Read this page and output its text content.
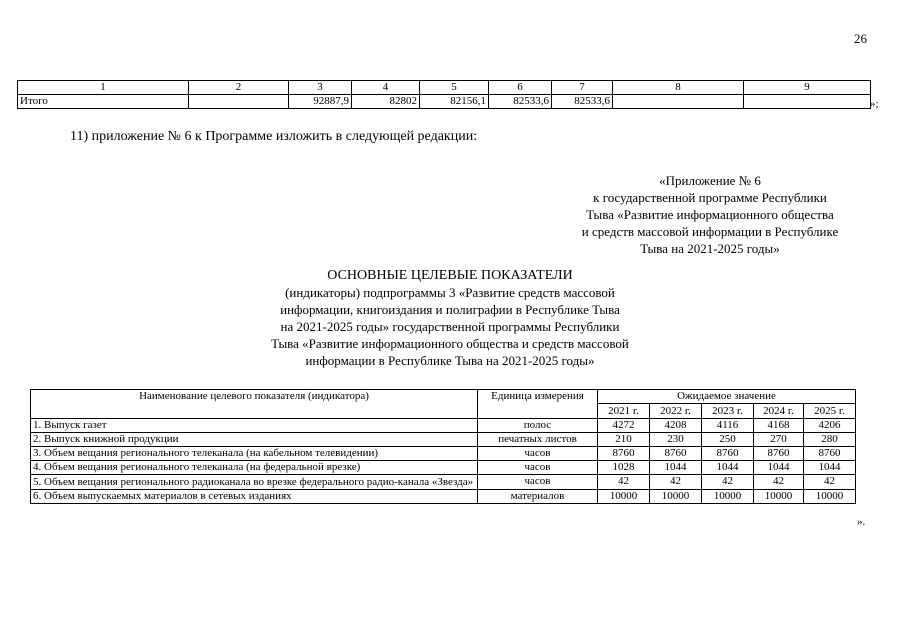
26
1	2	3	4	5	6	7	8	9
Итого		92887,9	82802	82156,1	82533,6	82533,6			»;
11) приложение № 6 к Программе изложить в следующей редакции:
«Приложение № 6
к государственной программе Республики
Тыва «Развитие информационного общества
и средств массовой информации в Республике
Тыва на 2021-2025 годы»
ОСНОВНЫЕ ЦЕЛЕВЫЕ ПОКАЗАТЕЛИ
(индикаторы) подпрограммы 3 «Развитие средств массовой
информации, книгоиздания и полиграфии в Республике Тыва
на 2021-2025 годы» государственной программы Республики
Тыва «Развитие информационного общества и средств массовой
информации в Республике Тыва на 2021-2025 годы»
Наименование целевого показателя (индикатора)	Единица измерения	Ожидаемое значение				
		2021 г.	2022 г.	2023 г.	2024 г.	2025 г.
1. Выпуск газет	полос	4272	4208	4116	4168	4206
2. Выпуск книжной продукции	печатных листов	210	230	250	270	280
3. Объем вещания регионального телеканала (на кабельном телевидении)	часов	8760	8760	8760	8760	8760
4. Объем вещания регионального телеканала (на федеральной врезке)	часов	1028	1044	1044	1044	1044
5. Объем вещания регионального радиоканала во врезке федерального радио-канала «Звезда»	часов	42	42	42	42	42
6. Объем выпускаемых материалов в сетевых изданиях	материалов	10000	10000	10000	10000	10000
».
